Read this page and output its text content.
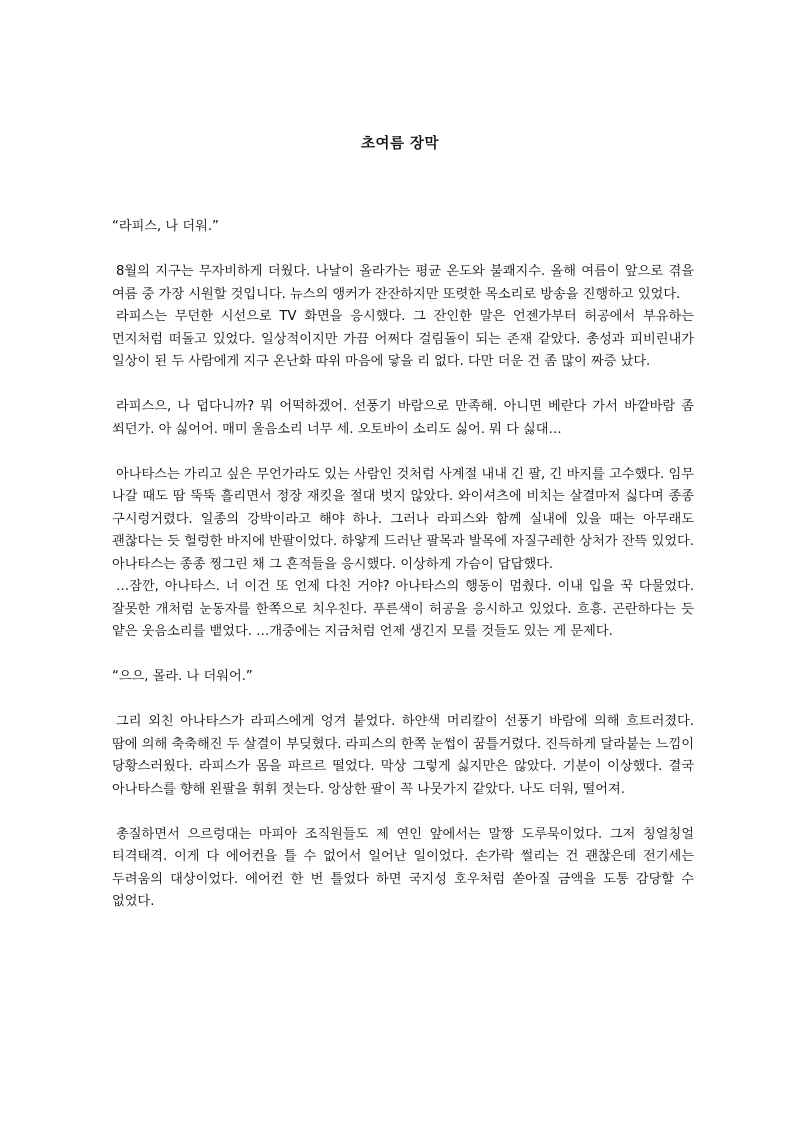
초여름 장막

“라피스, 나 더워.”

8월의 지구는 무자비하게 더웠다. 나날이 올라가는 평균 온도와 불쾌지수. 올해 여름이 앞으로 겪을 여름 중 가장 시원할 것입니다. 뉴스의 앵커가 잔잔하지만 또렷한 목소리로 방송을 진행하고 있었다.

라피스는 무던한 시선으로 TV 화면을 응시했다. 그 잔인한 말은 언젠가부터 허공에서 부유하는 먼지처럼 떠돌고 있었다. 일상적이지만 가끔 어쩌다 걸림돌이 되는 존재 같았다. 총성과 피비린내가 일상이 된 두 사람에게 지구 온난화 따위 마음에 닿을 리 없다. 다만 더운 건 좀 많이 짜증 났다.

라피스으, 나 덥다니까? 뭐 어떡하겠어. 선풍기 바람으로 만족해. 아니면 베란다 가서 바깥바람 좀 쐬던가. 아 싫어어. 매미 울음소리 너무 세. 오토바이 소리도 싫어. 뭐 다 싫대…

아나타스는 가리고 싶은 무언가라도 있는 사람인 것처럼 사계절 내내 긴 팔, 긴 바지를 고수했다. 임무 나갈 때도 땀 뚝뚝 흘리면서 정장 재킷을 절대 벗지 않았다. 와이셔츠에 비치는 살결마저 싫다며 종종 구시렁거렸다. 일종의 강박이라고 해야 하나. 그러나 라피스와 함께 실내에 있을 때는 아무래도 괜찮다는 듯 헐렁한 바지에 반팔이었다. 하얗게 드러난 팔목과 발목에 자질구레한 상처가 잔뜩 있었다. 아나타스는 종종 찡그린 채 그 흔적들을 응시했다. 이상하게 가슴이 답답했다.

…잠깐, 아나타스. 너 이건 또 언제 다친 거야? 아나타스의 행동이 멈췄다. 이내 입을 꾹 다물었다. 잘못한 개처럼 눈동자를 한쪽으로 치우친다. 푸른색이 허공을 응시하고 있었다. 흐흥. 곤란하다는 듯 얕은 웃음소리를 뱉었다. …개중에는 지금처럼 언제 생긴지 모를 것들도 있는 게 문제다.

“으으, 몰라. 나 더워어.”

그리 외친 아나타스가 라피스에게 엉겨 붙었다. 하얀색 머리칼이 선풍기 바람에 의해 흐트러졌다. 땀에 의해 축축해진 두 살결이 부딪혔다. 라피스의 한쪽 눈썹이 꿈틀거렸다. 진득하게 달라붙는 느낌이 당황스러웠다. 라피스가 몸을 파르르 떨었다. 막상 그렇게 싫지만은 않았다. 기분이 이상했다. 결국 아나타스를 향해 왼팔을 휘휘 젓는다. 앙상한 팔이 꼭 나뭇가지 같았다. 나도 더워, 떨어져.

총질하면서 으르렁대는 마피아 조직원들도 제 연인 앞에서는 말짱 도루묵이었다. 그저 칭얼칭얼 티격태격. 이게 다 에어컨을 틀 수 없어서 일어난 일이었다. 손가락 썰리는 건 괜찮은데 전기세는 두려움의 대상이었다. 에어컨 한 번 틀었다 하면 국지성 호우처럼 쏟아질 금액을 도통 감당할 수 없었다.
